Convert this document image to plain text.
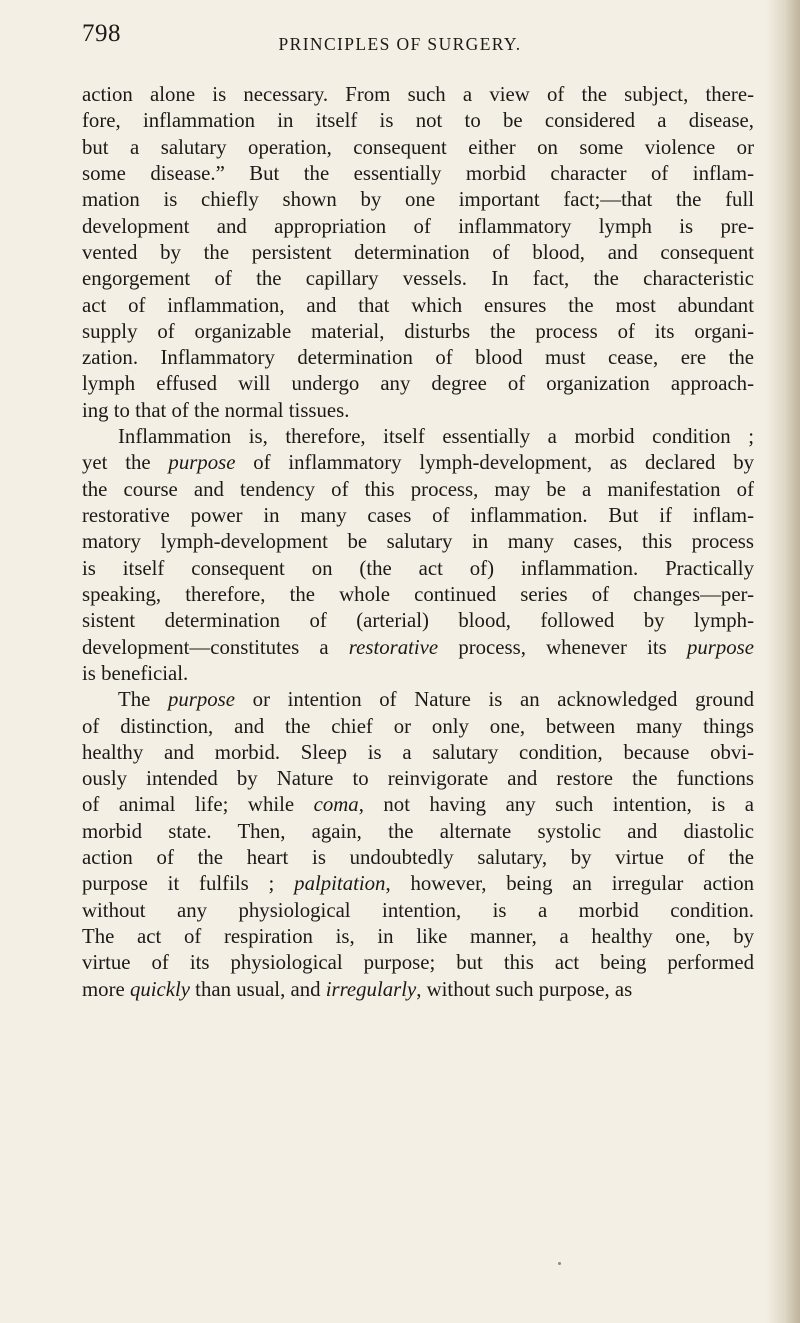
798	PRINCIPLES OF SURGERY.
action alone is necessary. From such a view of the subject, there-
fore, inflammation in itself is not to be considered a disease,
but a salutary operation, consequent either on some violence or
some disease.” But the essentially morbid character of inflam-
mation is chiefly shown by one important fact;—that the full
development and appropriation of inflammatory lymph is pre-
vented by the persistent determination of blood, and consequent
engorgement of the capillary vessels. In fact, the characteristic
act of inflammation, and that which ensures the most abundant
supply of organizable material, disturbs the process of its organi-
zation. Inflammatory determination of blood must cease, ere the
lymph effused will undergo any degree of organization approach-
ing to that of the normal tissues.
Inflammation is, therefore, itself essentially a morbid condition ;
yet the purpose of inflammatory lymph-development, as declared by
the course and tendency of this process, may be a manifestation of
restorative power in many cases of inflammation. But if inflam-
matory lymph-development be salutary in many cases, this process
is itself consequent on (the act of) inflammation. Practically
speaking, therefore, the whole continued series of changes—per-
sistent determination of (arterial) blood, followed by lymph-
development—constitutes a restorative process, whenever its purpose
is beneficial.
The purpose or intention of Nature is an acknowledged ground
of distinction, and the chief or only one, between many things
healthy and morbid. Sleep is a salutary condition, because obvi-
ously intended by Nature to reinvigorate and restore the functions
of animal life; while coma, not having any such intention, is a
morbid state. Then, again, the alternate systolic and diastolic
action of the heart is undoubtedly salutary, by virtue of the
purpose it fulfils ; palpitation, however, being an irregular action
without any physiological intention, is a morbid condition.
The act of respiration is, in like manner, a healthy one, by
virtue of its physiological purpose; but this act being performed
more quickly than usual, and irregularly, without such purpose, as
